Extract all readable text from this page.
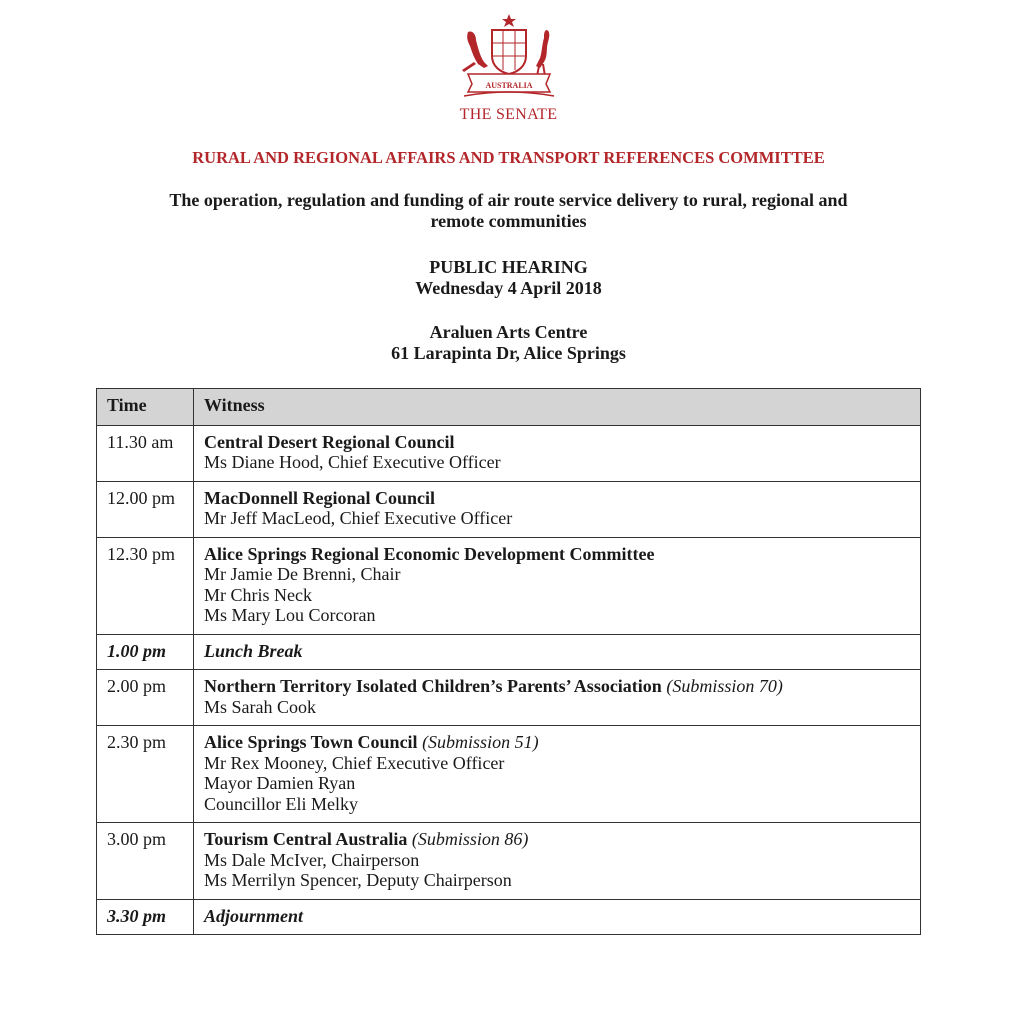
AUSTRALIA
THE SENATE
RURAL AND REGIONAL AFFAIRS AND TRANSPORT REFERENCES COMMITTEE
The operation, regulation and funding of air route service delivery to rural, regional and
remote communities
PUBLIC HEARING
Wednesday 4 April 2018
Araluen Arts Centre
61 Larapinta Dr, Alice Springs
Time	Witness
11.30 am	Central Desert Regional Council
Ms Diane Hood, Chief Executive Officer

12.00 pm	MacDonnell Regional Council
Mr Jeff MacLeod, Chief Executive Officer

12.30 pm	Alice Springs Regional Economic Development Committee
Mr Jamie De Brenni, Chair
Mr Chris Neck
Ms Mary Lou Corcoran

1.00 pm	Lunch Break
2.00 pm	Northern Territory Isolated Children’s Parents’ Association (Submission 70)
Ms Sarah Cook

2.30 pm	Alice Springs Town Council (Submission 51)
Mr Rex Mooney, Chief Executive Officer
Mayor Damien Ryan
Councillor Eli Melky

3.00 pm	Tourism Central Australia (Submission 86)
Ms Dale McIver, Chairperson
Ms Merrilyn Spencer, Deputy Chairperson

3.30 pm	Adjournment
